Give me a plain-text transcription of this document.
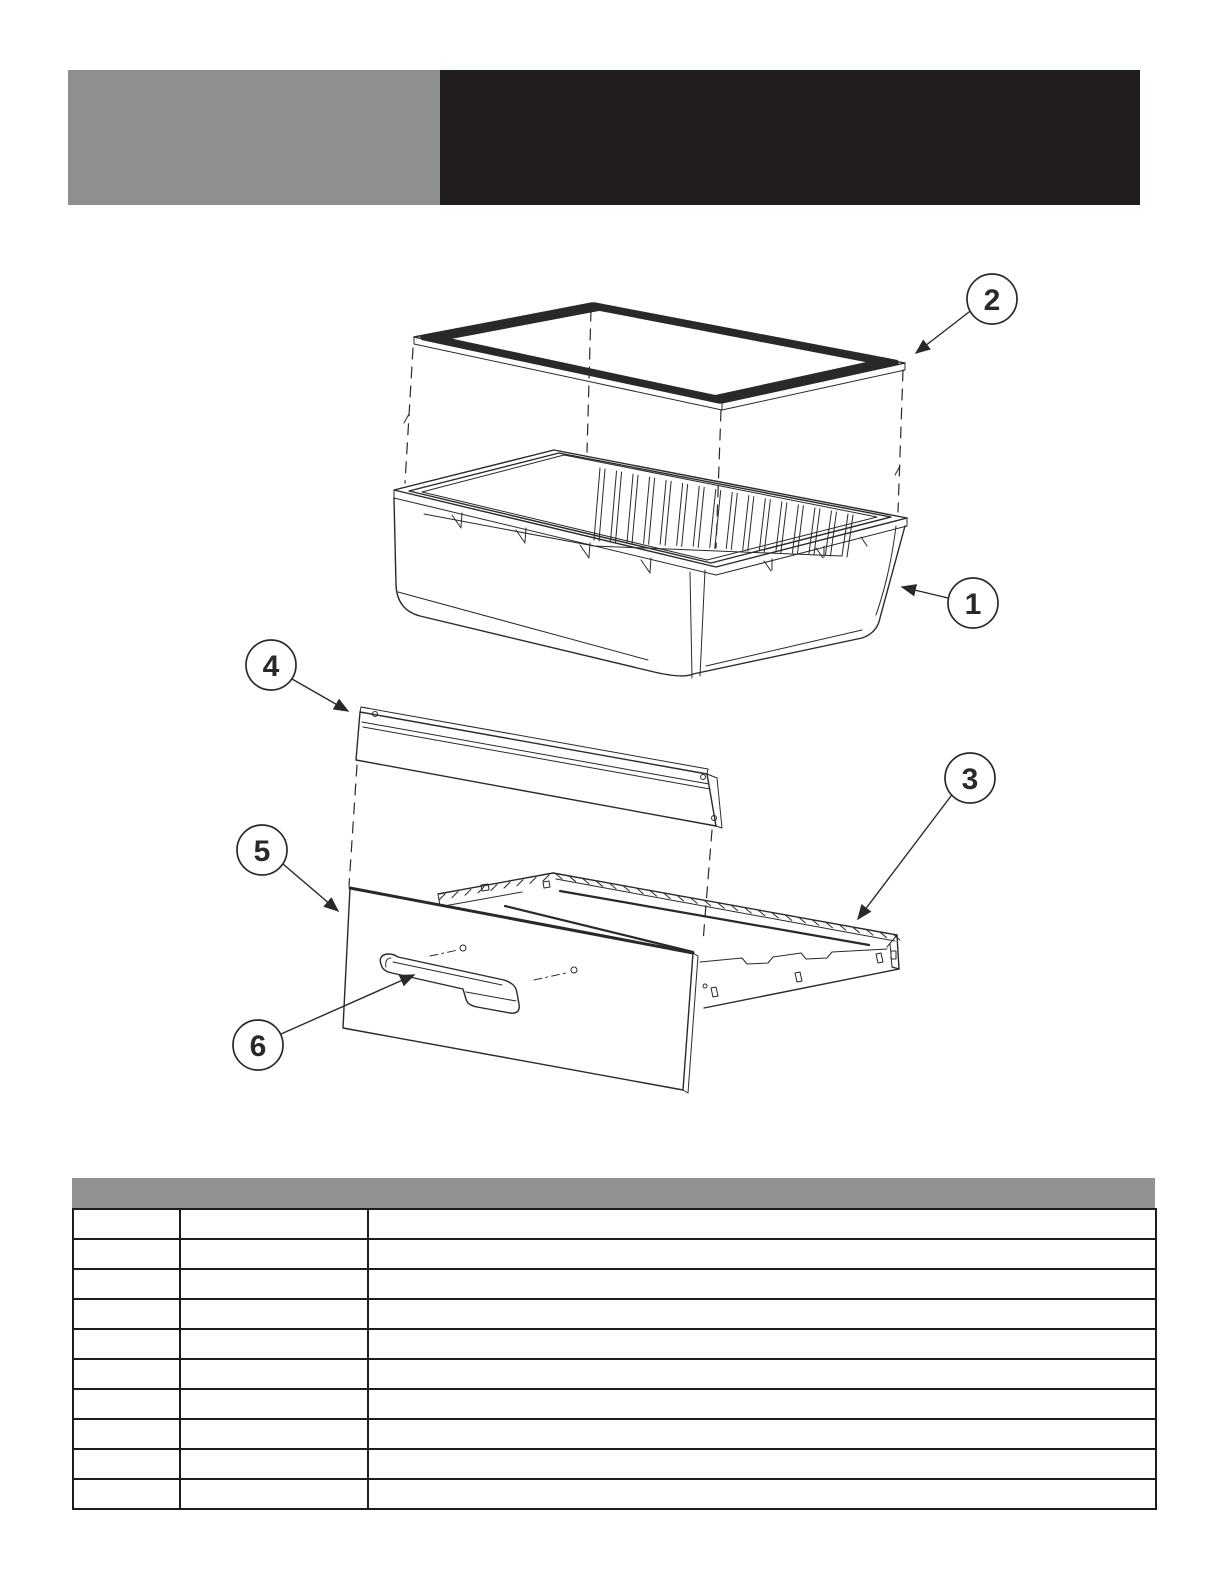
1
2
3
4
5
6
